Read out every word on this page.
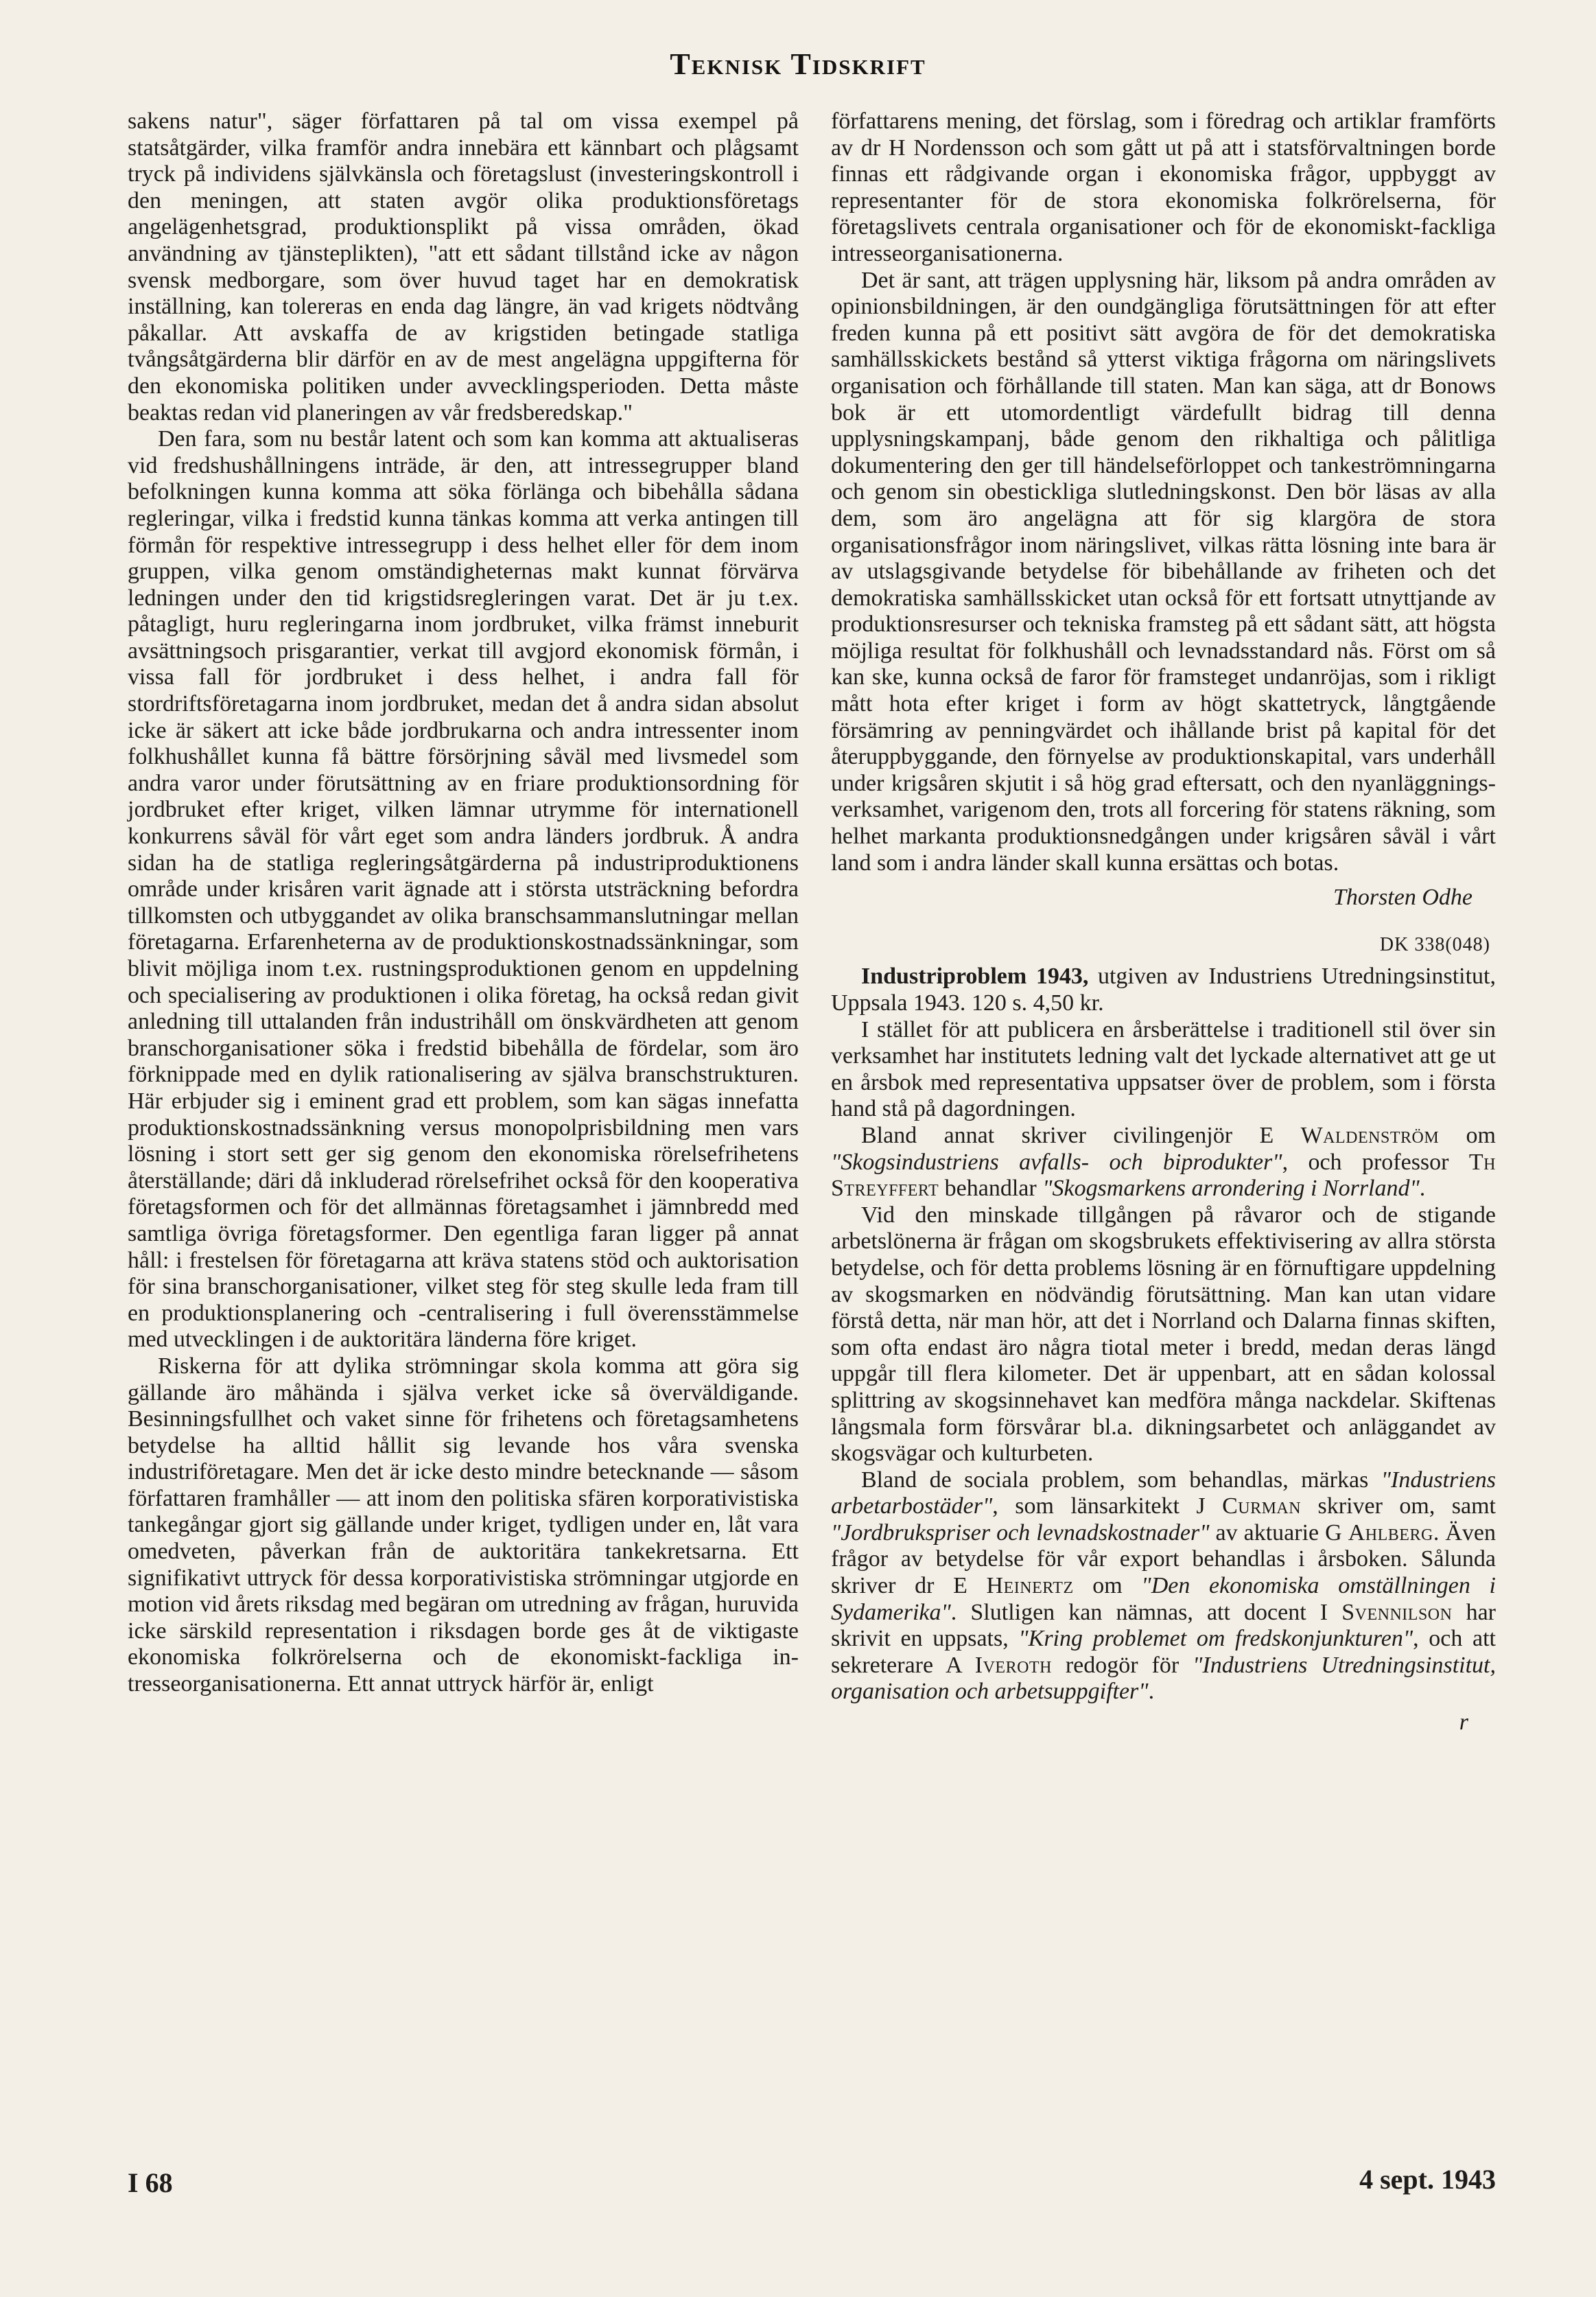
Teknisk Tidskrift

sakens natur", säger författaren på tal om vissa exempel på statsåtgärder, vilka framför andra innebära ett kännbart och plågsamt tryck på individens självkänsla och företagslust (investeringskontroll i den meningen, att staten avgör olika produktionsföretags angelägenhetsgrad, produktionsplikt på vissa områden, ökad användning av tjänsteplikten), "att ett sådant tillstånd icke av någon svensk medborgare, som över huvud taget har en demokratisk inställning, kan tolereras en enda dag längre, än vad krigets nödtvång påkallar. Att avskaffa de av krigstiden betingade statliga tvångsåtgärderna blir därför en av de mest angelägna uppgifterna för den ekonomiska politiken under avvecklingsperioden. Detta måste beaktas redan vid planeringen av vår fredsberedskap."

Den fara, som nu består latent och som kan komma att aktualiseras vid fredshushållningens inträde, är den, att intressegrupper bland befolkningen kunna komma att söka förlänga och bibehålla sådana regleringar, vilka i fredstid kunna tänkas komma att verka antingen till förmån för respektive intressegrupp i dess helhet eller för dem inom gruppen, vilka genom omständigheternas makt kunnat förvärva ledningen under den tid krigstidsregleringen varat. Det är ju t.ex. påtagligt, huru regleringarna inom jordbruket, vilka främst inneburit avsättningsoch prisgarantier, verkat till avgjord ekonomisk förmån, i vissa fall för jordbruket i dess helhet, i andra fall för stordriftsföretagarna inom jordbruket, medan det å andra sidan absolut icke är säkert att icke både jordbrukarna och andra intressenter inom folkhushållet kunna få bättre försörjning såväl med livsmedel som andra varor under förutsättning av en friare produktionsordning för jordbruket efter kriget, vilken lämnar utrymme för internationell konkurrens såväl för vårt eget som andra länders jordbruk. Å andra sidan ha de statliga regleringsåtgärderna på industriproduktionens område under krisåren varit ägnade att i största utsträckning befordra tillkomsten och utbyggandet av olika branschsammanslutningar mellan företagarna. Erfarenheterna av de produktionskostnadssänkningar, som blivit möjliga inom t.ex. rustningsproduktionen genom en uppdelning och specialisering av produktionen i olika företag, ha också redan givit anledning till uttalanden från industrihåll om önskvärdheten att genom branschorganisationer söka i fredstid bibehålla de fördelar, som äro förknippade med en dylik rationalisering av själva branschstrukturen. Här erbjuder sig i eminent grad ett problem, som kan sägas innefatta produktionskostnadssänkning versus monopolprisbildning men vars lösning i stort sett ger sig genom den ekonomiska rörelsefrihetens återställande; däri då inkluderad rörelsefrihet också för den kooperativa företagsformen och för det allmännas företagsamhet i jämnbredd med samtliga övriga företagsformer. Den egentliga faran ligger på annat håll: i frestelsen för företagarna att kräva statens stöd och auktorisation för sina branschorganisationer, vilket steg för steg skulle leda fram till en produktionsplanering och -centralisering i full överensstämmelse med utvecklingen i de auktoritära länderna före kriget.

Riskerna för att dylika strömningar skola komma att göra sig gällande äro måhända i själva verket icke så överväldigande. Besinningsfullhet och vaket sinne för frihetens och företagsamhetens betydelse ha alltid hållit sig levande hos våra svenska industriföretagare. Men det är icke desto mindre betecknande — såsom författaren framhåller — att inom den politiska sfären korporativistiska tankegångar gjort sig gällande under kriget, tydligen under en, låt vara omedveten, påverkan från de auktoritära tankekretsarna. Ett signifikativt uttryck för dessa korporativistiska strömningar utgjorde en motion vid årets riksdag med begäran om utredning av frågan, huruvida icke särskild representation i riksdagen borde ges åt de viktigaste ekonomiska folkrörelserna och de ekonomiskt-fackliga intresseorganisationerna. Ett annat uttryck härför är, enligt

författarens mening, det förslag, som i föredrag och artiklar framförts av dr H Nordensson och som gått ut på att i statsförvaltningen borde finnas ett rådgivande organ i ekonomiska frågor, uppbyggt av representanter för de stora ekonomiska folkrörelserna, för företagslivets centrala organisationer och för de ekonomiskt-fackliga intresseorganisationerna.

Det är sant, att trägen upplysning här, liksom på andra områden av opinionsbildningen, är den oundgängliga förutsättningen för att efter freden kunna på ett positivt sätt avgöra de för det demokratiska samhällsskickets bestånd så ytterst viktiga frågorna om näringslivets organisation och förhållande till staten. Man kan säga, att dr Bonows bok är ett utomordentligt värdefullt bidrag till denna upplysningskampanj, både genom den rikhaltiga och pålitliga dokumentering den ger till händelseförloppet och tankeströmningarna och genom sin obestickliga slutledningskonst. Den bör läsas av alla dem, som äro angelägna att för sig klargöra de stora organisationsfrågor inom näringslivet, vilkas rätta lösning inte bara är av utslagsgivande betydelse för bibehållande av friheten och det demokratiska samhällsskicket utan också för ett fortsatt utnyttjande av produktionsresurser och tekniska framsteg på ett sådant sätt, att högsta möjliga resultat för folkhushåll och levnadsstandard nås. Först om så kan ske, kunna också de faror för framsteget undanröjas, som i rikligt mått hota efter kriget i form av högt skattetryck, långtgående försämring av penningvärdet och ihållande brist på kapital för det återuppbyggande, den förnyelse av produktionskapital, vars underhåll under krigsåren skjutit i så hög grad eftersatt, och den nyanläggningsverksamhet, varigenom den, trots all forcering för statens räkning, som helhet markanta produktionsnedgången under krigsåren såväl i vårt land som i andra länder skall kunna ersättas och botas.

Thorsten Odhe

DK 338(048)

Industriproblem 1943, utgiven av Industriens Utredningsinstitut, Uppsala 1943. 120 s. 4,50 kr.

I stället för att publicera en årsberättelse i traditionell stil över sin verksamhet har institutets ledning valt det lyckade alternativet att ge ut en årsbok med representativa uppsatser över de problem, som i första hand stå på dagordningen.

Bland annat skriver civilingenjör E Waldenström om "Skogsindustriens avfalls- och biprodukter", och professor Th Streyffert behandlar "Skogsmarkens arrondering i Norrland".

Vid den minskade tillgången på råvaror och de stigande arbetslönerna är frågan om skogsbrukets effektivisering av allra största betydelse, och för detta problems lösning är en förnuftigare uppdelning av skogsmarken en nödvändig förutsättning. Man kan utan vidare förstå detta, när man hör, att det i Norrland och Dalarna finnas skiften, som ofta endast äro några tiotal meter i bredd, medan deras längd uppgår till flera kilometer. Det är uppenbart, att en sådan kolossal splittring av skogsinnehavet kan medföra många nackdelar. Skiftenas långsmala form försvårar bl.a. dikningsarbetet och anläggandet av skogsvägar och kulturbeten.

Bland de sociala problem, som behandlas, märkas "Industriens arbetarbostäder", som länsarkitekt J Curman skriver om, samt "Jordbrukspriser och levnadskostnader" av aktuarie G Ahlberg. Även frågor av betydelse för vår export behandlas i årsboken. Sålunda skriver dr E Heinertz om "Den ekonomiska omställningen i Sydamerika". Slutligen kan nämnas, att docent I Svennilson har skrivit en uppsats, "Kring problemet om fredskonjunkturen", och att sekreterare A Iveroth redogör för "Industriens Utredningsinstitut, organisation och arbetsuppgifter".

r

I 68	4 sept. 1943
